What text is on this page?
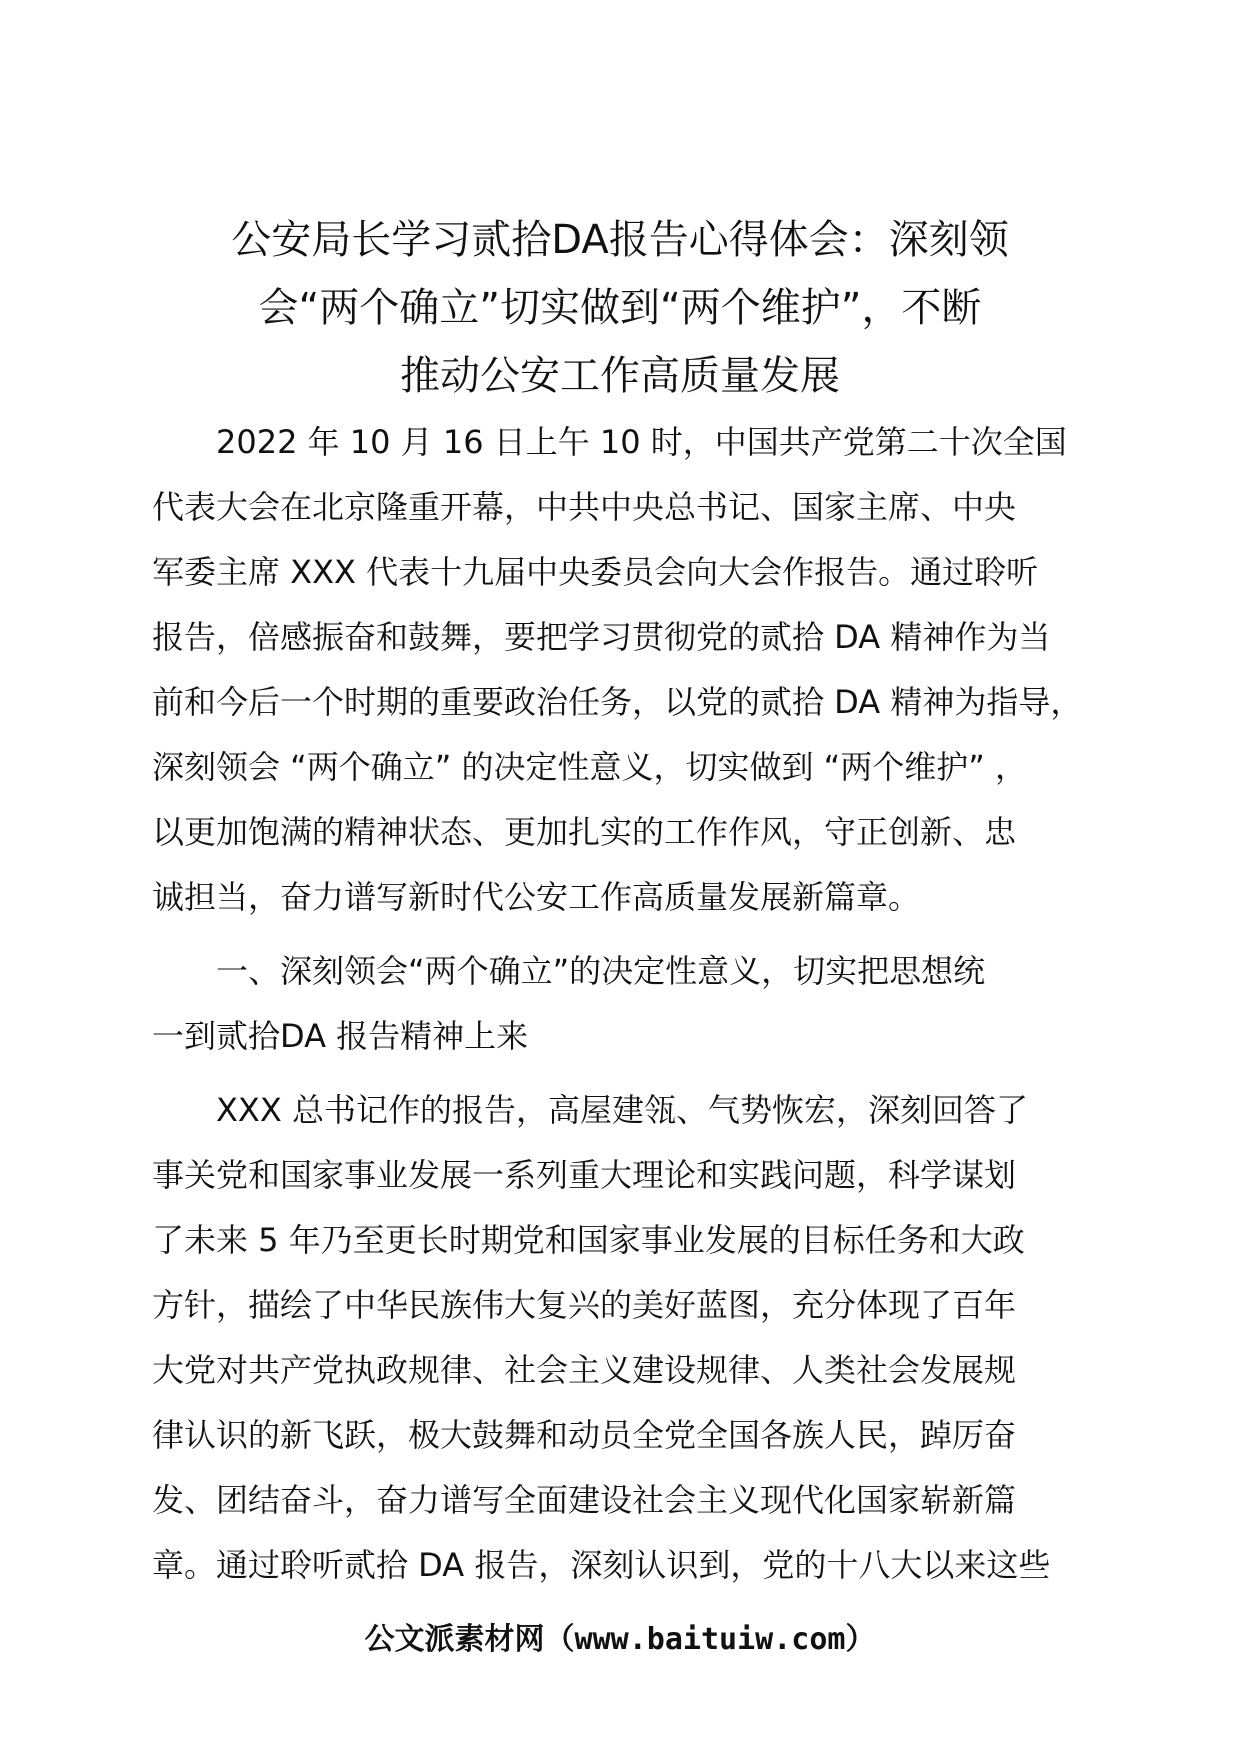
公安局长学习贰拾DA报告心得体会：深刻领
会“两个确立”切实做到“两个维护”，不断
推动公安工作高质量发展
2022 年 10 月 16 日上午 10 时，中国共产党第二十次全国
代表大会在北京隆重开幕，中共中央总书记、国家主席、中央
军委主席 XXX 代表十九届中央委员会向大会作报告。通过聆听
报告，倍感振奋和鼓舞，要把学习贯彻党的贰拾 DA 精神作为当
前和今后一个时期的重要政治任务，以党的贰拾 DA 精神为指导，
深刻领会 “两个确立” 的决定性意义，切实做到 “两个维护” ，
以更加饱满的精神状态、更加扎实的工作作风，守正创新、忠
诚担当，奋力谱写新时代公安工作高质量发展新篇章。
一、深刻领会“两个确立”的决定性意义，切实把思想统
一到贰拾DA 报告精神上来
XXX 总书记作的报告，高屋建瓴、气势恢宏，深刻回答了
事关党和国家事业发展一系列重大理论和实践问题，科学谋划
了未来 5 年乃至更长时期党和国家事业发展的目标任务和大政
方针，描绘了中华民族伟大复兴的美好蓝图，充分体现了百年
大党对共产党执政规律、社会主义建设规律、人类社会发展规
律认识的新飞跃，极大鼓舞和动员全党全国各族人民，踔厉奋
发、团结奋斗，奋力谱写全面建设社会主义现代化国家崭新篇
章。通过聆听贰拾 DA 报告，深刻认识到，党的十八大以来这些
公文派素材网（www.baituiw.com）
